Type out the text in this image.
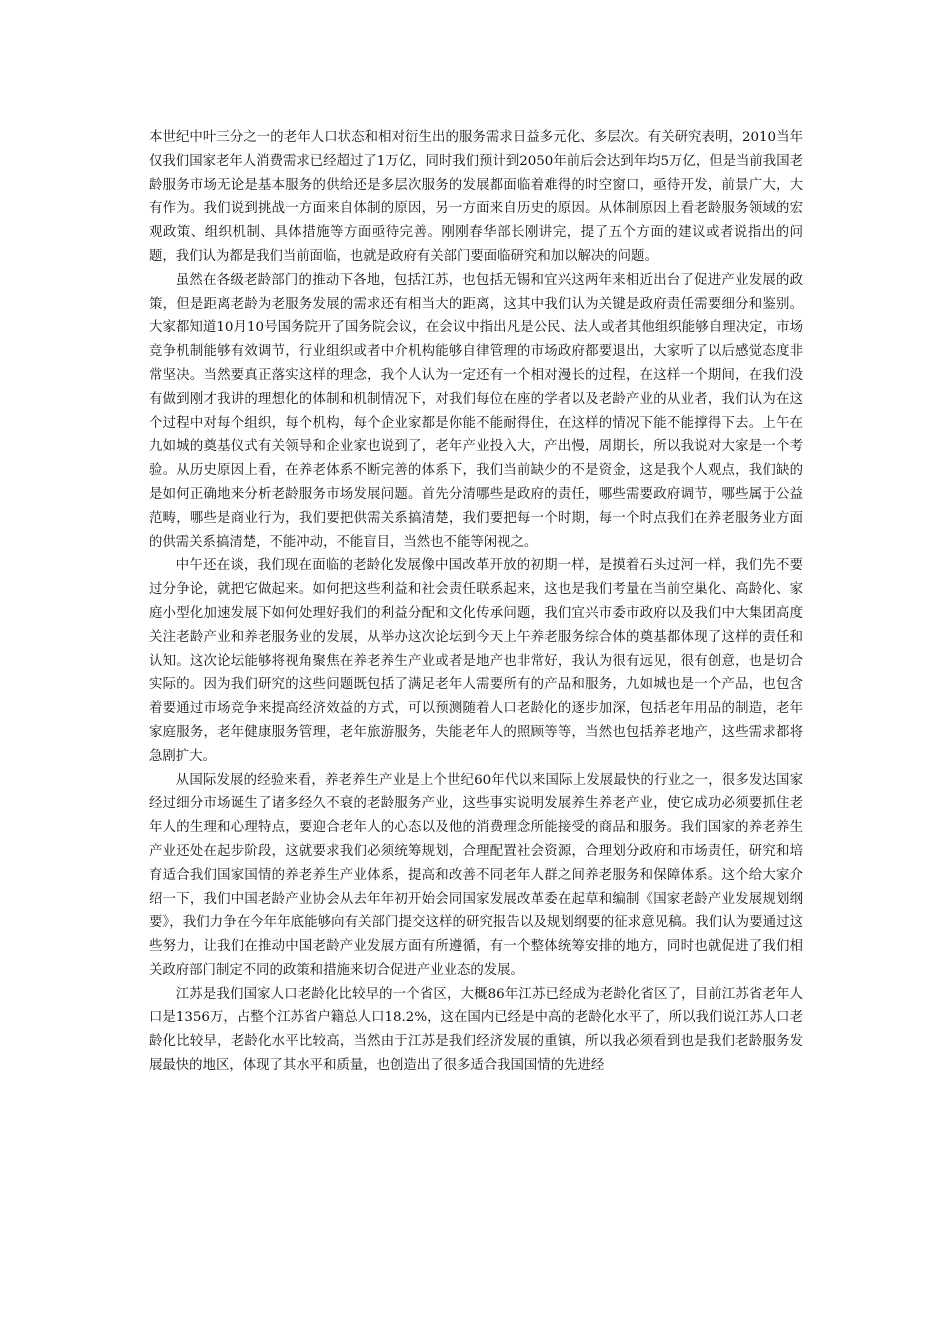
本世纪中叶三分之一的老年人口状态和相对衍生出的服务需求日益多元化、多层次。有关研究表明，2010当年仅我们国家老年人消费需求已经超过了1万亿，同时我们预计到2050年前后会达到年均5万亿，但是当前我国老龄服务市场无论是基本服务的供给还是多层次服务的发展都面临着难得的时空窗口，亟待开发，前景广大，大有作为。我们说到挑战一方面来自体制的原因，另一方面来自历史的原因。从体制原因上看老龄服务领域的宏观政策、组织机制、具体措施等方面亟待完善。刚刚春华部长刚讲完，提了五个方面的建议或者说指出的问题，我们认为都是我们当前面临，也就是政府有关部门要面临研究和加以解决的问题。

虽然在各级老龄部门的推动下各地，包括江苏，也包括无锡和宜兴这两年来相近出台了促进产业发展的政策，但是距离老龄为老服务发展的需求还有相当大的距离，这其中我们认为关键是政府责任需要细分和鉴别。大家都知道10月10号国务院开了国务院会议，在会议中指出凡是公民、法人或者其他组织能够自理决定，市场竞争机制能够有效调节，行业组织或者中介机构能够自律管理的市场政府都要退出，大家听了以后感觉态度非常坚决。当然要真正落实这样的理念，我个人认为一定还有一个相对漫长的过程，在这样一个期间，在我们没有做到刚才我讲的理想化的体制和机制情况下，对我们每位在座的学者以及老龄产业的从业者，我们认为在这个过程中对每个组织，每个机构，每个企业家都是你能不能耐得住，在这样的情况下能不能撑得下去。上午在九如城的奠基仪式有关领导和企业家也说到了，老年产业投入大，产出慢，周期长，所以我说对大家是一个考验。从历史原因上看，在养老体系不断完善的体系下，我们当前缺少的不是资金，这是我个人观点，我们缺的是如何正确地来分析老龄服务市场发展问题。首先分清哪些是政府的责任，哪些需要政府调节，哪些属于公益范畴，哪些是商业行为，我们要把供需关系搞清楚，我们要把每一个时期，每一个时点我们在养老服务业方面的供需关系搞清楚，不能冲动，不能盲目，当然也不能等闲视之。

中午还在谈，我们现在面临的老龄化发展像中国改革开放的初期一样，是摸着石头过河一样，我们先不要过分争论，就把它做起来。如何把这些利益和社会责任联系起来，这也是我们考量在当前空巢化、高龄化、家庭小型化加速发展下如何处理好我们的利益分配和文化传承问题，我们宜兴市委市政府以及我们中大集团高度关注老龄产业和养老服务业的发展，从举办这次论坛到今天上午养老服务综合体的奠基都体现了这样的责任和认知。这次论坛能够将视角聚焦在养老养生产业或者是地产也非常好，我认为很有远见，很有创意，也是切合实际的。因为我们研究的这些问题既包括了满足老年人需要所有的产品和服务，九如城也是一个产品，也包含着要通过市场竞争来提高经济效益的方式，可以预测随着人口老龄化的逐步加深，包括老年用品的制造，老年家庭服务，老年健康服务管理，老年旅游服务，失能老年人的照顾等等，当然也包括养老地产，这些需求都将急剧扩大。

从国际发展的经验来看，养老养生产业是上个世纪60年代以来国际上发展最快的行业之一，很多发达国家经过细分市场诞生了诸多经久不衰的老龄服务产业，这些事实说明发展养生养老产业，使它成功必须要抓住老年人的生理和心理特点，要迎合老年人的心态以及他的消费理念所能接受的商品和服务。我们国家的养老养生产业还处在起步阶段，这就要求我们必须统筹规划，合理配置社会资源，合理划分政府和市场责任，研究和培育适合我们国家国情的养老养生产业体系，提高和改善不同老年人群之间养老服务和保障体系。这个给大家介绍一下，我们中国老龄产业协会从去年年初开始会同国家发展改革委在起草和编制《国家老龄产业发展规划纲要》，我们力争在今年年底能够向有关部门提交这样的研究报告以及规划纲要的征求意见稿。我们认为要通过这些努力，让我们在推动中国老龄产业发展方面有所遵循，有一个整体统筹安排的地方，同时也就促进了我们相关政府部门制定不同的政策和措施来切合促进产业业态的发展。

江苏是我们国家人口老龄化比较早的一个省区，大概86年江苏已经成为老龄化省区了，目前江苏省老年人口是1356万，占整个江苏省户籍总人口18.2%，这在国内已经是中高的老龄化水平了，所以我们说江苏人口老龄化比较早，老龄化水平比较高，当然由于江苏是我们经济发展的重镇，所以我必须看到也是我们老龄服务发展最快的地区，体现了其水平和质量，也创造出了很多适合我国国情的先进经
